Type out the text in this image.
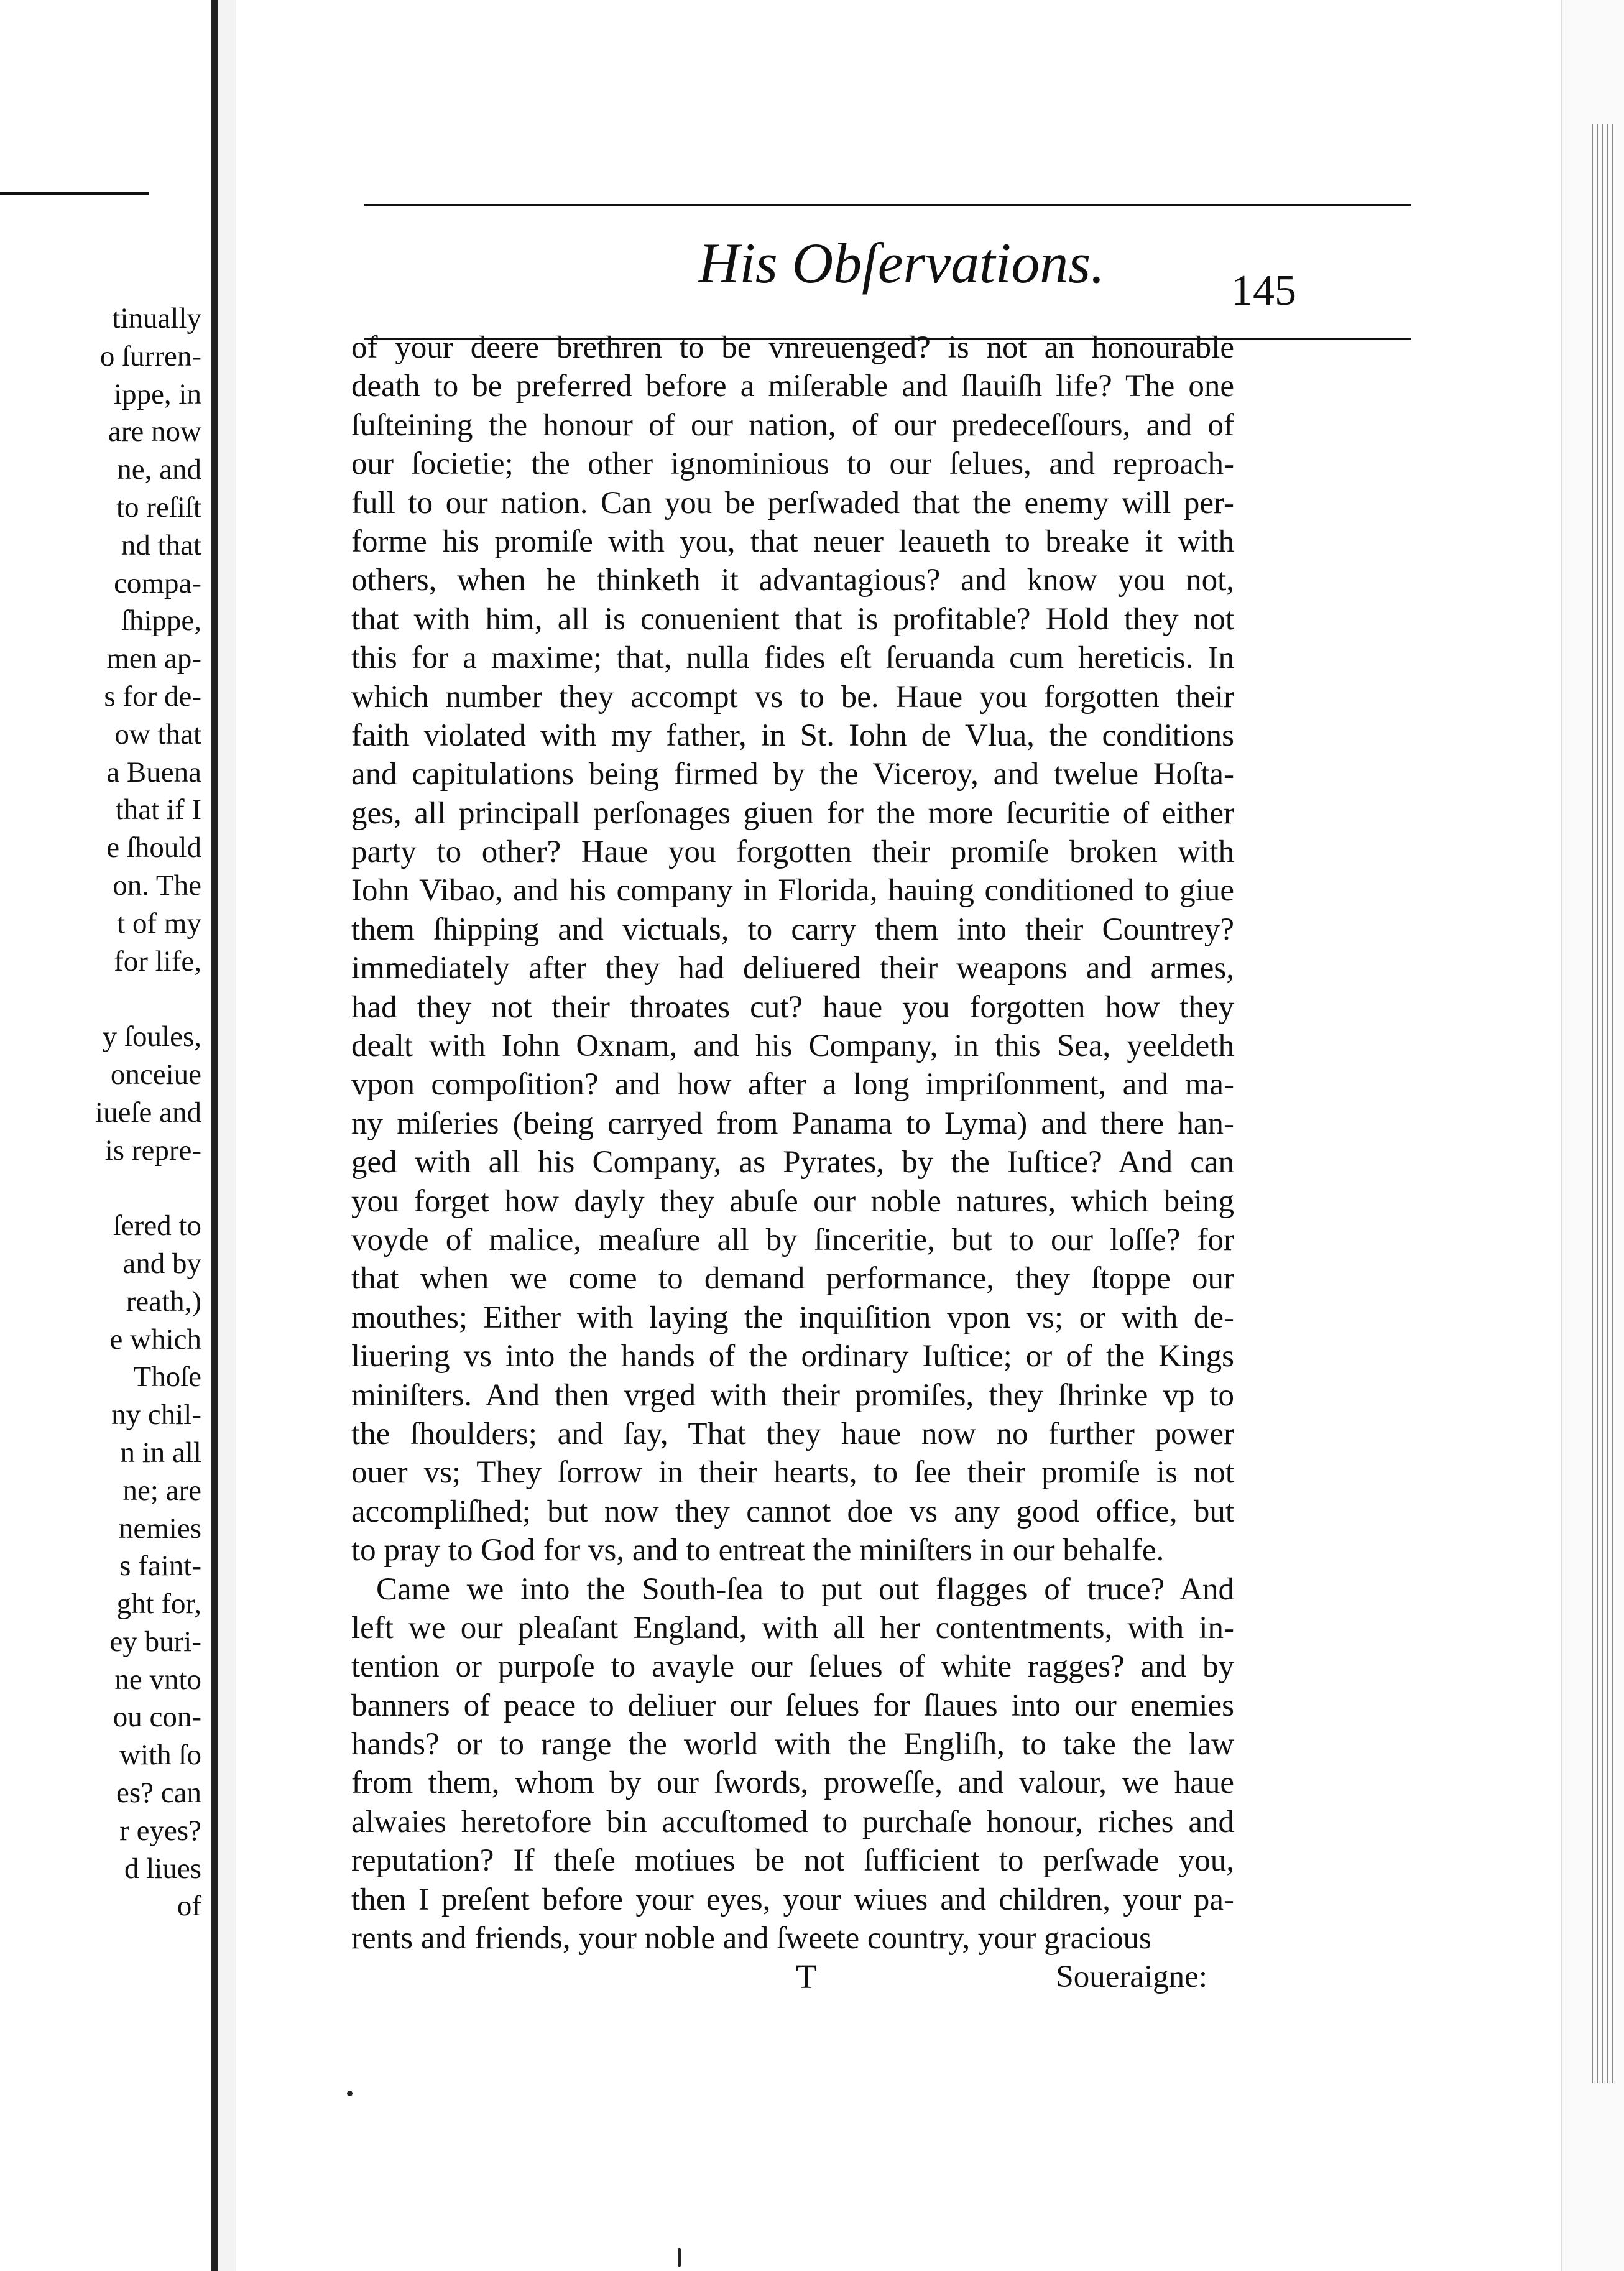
tinually
o ſurren-
ippe, in
are now
ne, and
to reſiſt
nd that
compa-
ſhippe,
men ap-
s for de-
ow that
a Buena
that if I
e ſhould
on. The
t of my
for life,
y ſoules,
onceiue
iueſe and
is repre-
ſered to
and by
reath,)
e which
Thoſe
ny chil-
n in all
ne; are
nemies
s faint-
ght for,
ey buri-
ne vnto
ou con-
with ſo
es? can
r eyes?
d liues
of
His Obſervations.	145
of your deere brethren to be vnreuenged? is not an honourable
death to be preferred before a miſerable and ſlauiſh life? The one
ſuſteining the honour of our nation, of our predeceſſours, and of
our ſocietie; the other ignominious to our ſelues, and reproach-
full to our nation. Can you be perſwaded that the enemy will per-
forme his promiſe with you, that neuer leaueth to breake it with
others, when he thinketh it advantagious? and know you not,
that with him, all is conuenient that is profitable? Hold they not
this for a maxime; that, nulla fides eſt ſeruanda cum hereticis. In
which number they accompt vs to be. Haue you forgotten their
faith violated with my father, in St. Iohn de Vlua, the conditions
and capitulations being firmed by the Viceroy, and twelue Hoſta-
ges, all principall perſonages giuen for the more ſecuritie of either
party to other? Haue you forgotten their promiſe broken with
Iohn Vibao, and his company in Florida, hauing conditioned to giue
them ſhipping and victuals, to carry them into their Countrey?
immediately after they had deliuered their weapons and armes,
had they not their throates cut? haue you forgotten how they
dealt with Iohn Oxnam, and his Company, in this Sea, yeeldeth
vpon compoſition? and how after a long impriſonment, and ma-
ny miſeries (being carryed from Panama to Lyma) and there han-
ged with all his Company, as Pyrates, by the Iuſtice? And can
you forget how dayly they abuſe our noble natures, which being
voyde of malice, meaſure all by ſinceritie, but to our loſſe? for
that when we come to demand performance, they ſtoppe our
mouthes; Either with laying the inquiſition vpon vs; or with de-
liuering vs into the hands of the ordinary Iuſtice; or of the Kings
miniſters. And then vrged with their promiſes, they ſhrinke vp to
the ſhoulders; and ſay, That they haue now no further power
ouer vs; They ſorrow in their hearts, to ſee their promiſe is not
accompliſhed; but now they cannot doe vs any good office, but
to pray to God for vs, and to entreat the miniſters in our behalfe.
Came we into the South-ſea to put out flagges of truce? And
left we our pleaſant England, with all her contentments, with in-
tention or purpoſe to avayle our ſelues of white ragges? and by
banners of peace to deliuer our ſelues for ſlaues into our enemies
hands? or to range the world with the Engliſh, to take the law
from them, whom by our ſwords, proweſſe, and valour, we haue
alwaies heretofore bin accuſtomed to purchaſe honour, riches and
reputation? If theſe motiues be not ſufficient to perſwade you,
then I preſent before your eyes, your wiues and children, your pa-
rents and friends, your noble and ſweete country, your gracious
T	Soueraigne:
